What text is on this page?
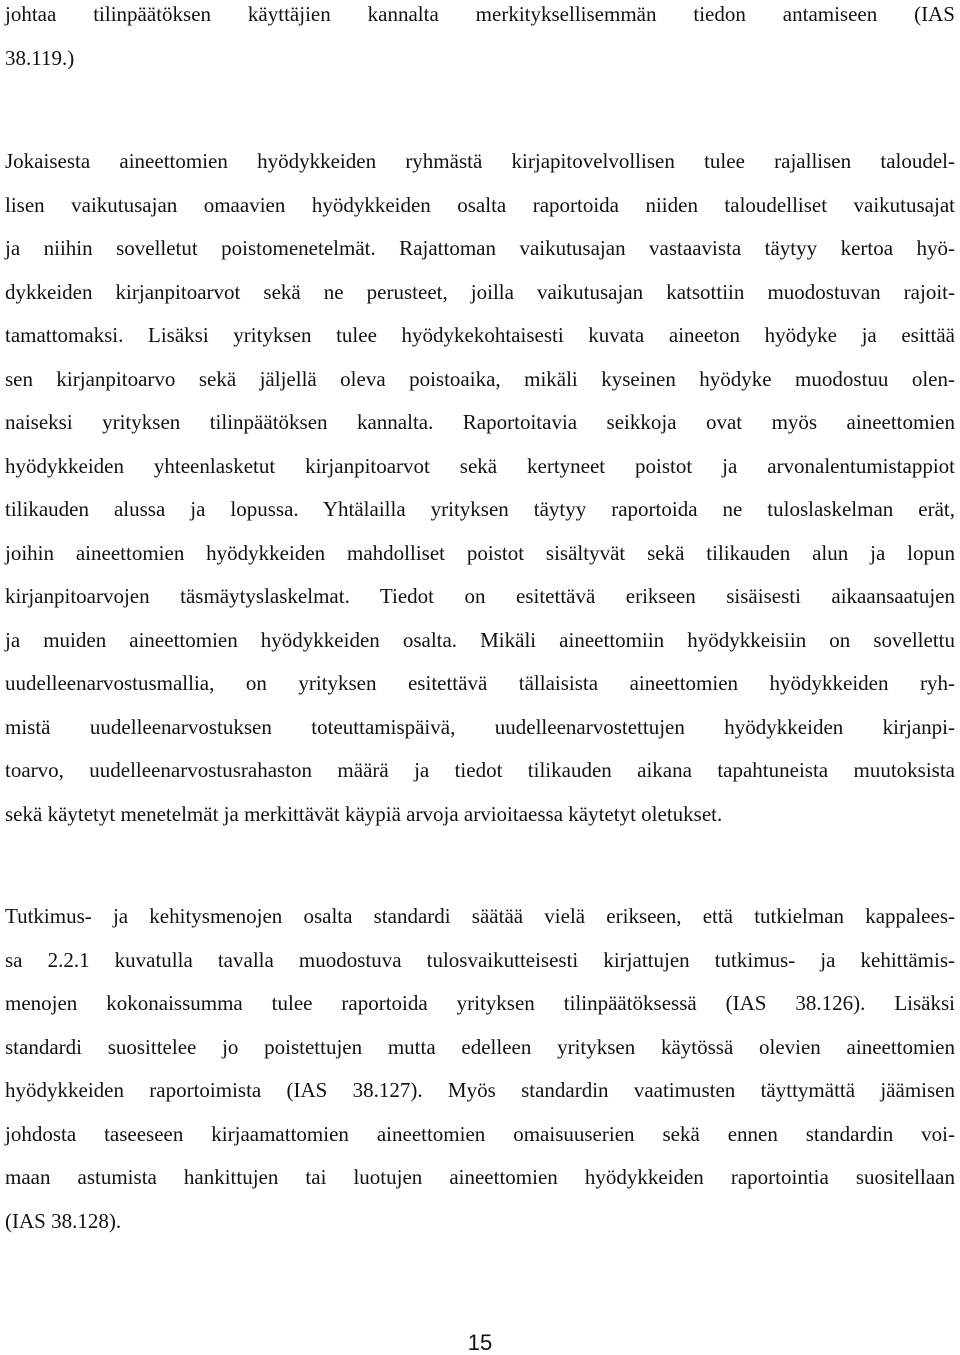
johtaa tilinpäätöksen käyttäjien kannalta merkityksellisemmän tiedon antamiseen (IAS
38.119.)
Jokaisesta aineettomien hyödykkeiden ryhmästä kirjapitovelvollisen tulee rajallisen taloudel-
lisen vaikutusajan omaavien hyödykkeiden osalta raportoida niiden taloudelliset vaikutusajat
ja niihin sovelletut poistomenetelmät. Rajattoman vaikutusajan vastaavista täytyy kertoa hyö-
dykkeiden kirjanpitoarvot sekä ne perusteet, joilla vaikutusajan katsottiin muodostuvan rajoit-
tamattomaksi. Lisäksi yrityksen tulee hyödykekohtaisesti kuvata aineeton hyödyke ja esittää
sen kirjanpitoarvo sekä jäljellä oleva poistoaika, mikäli kyseinen hyödyke muodostuu olen-
naiseksi yrityksen tilinpäätöksen kannalta. Raportoitavia seikkoja ovat myös aineettomien
hyödykkeiden yhteenlasketut kirjanpitoarvot sekä kertyneet poistot ja arvonalentumistappiot
tilikauden alussa ja lopussa. Yhtälailla yrityksen täytyy raportoida ne tuloslaskelman erät,
joihin aineettomien hyödykkeiden mahdolliset poistot sisältyvät sekä tilikauden alun ja lopun
kirjanpitoarvojen täsmäytyslaskelmat. Tiedot on esitettävä erikseen sisäisesti aikaansaatujen
ja muiden aineettomien hyödykkeiden osalta. Mikäli aineettomiin hyödykkeisiin on sovellettu
uudelleenarvostusmallia, on yrityksen esitettävä tällaisista aineettomien hyödykkeiden ryh-
mistä uudelleenarvostuksen toteuttamispäivä, uudelleenarvostettujen hyödykkeiden kirjanpi-
toarvo, uudelleenarvostusrahaston määrä ja tiedot tilikauden aikana tapahtuneista muutoksista
sekä käytetyt menetelmät ja merkittävät käypiä arvoja arvioitaessa käytetyt oletukset.
Tutkimus- ja kehitysmenojen osalta standardi säätää vielä erikseen, että tutkielman kappalees-
sa 2.2.1 kuvatulla tavalla muodostuva tulosvaikutteisesti kirjattujen tutkimus- ja kehittämis-
menojen kokonaissumma tulee raportoida yrityksen tilinpäätöksessä (IAS 38.126). Lisäksi
standardi suosittelee jo poistettujen mutta edelleen yrityksen käytössä olevien aineettomien
hyödykkeiden raportoimista (IAS 38.127). Myös standardin vaatimusten täyttymättä jäämisen
johdosta taseeseen kirjaamattomien aineettomien omaisuuserien sekä ennen standardin voi-
maan astumista hankittujen tai luotujen aineettomien hyödykkeiden raportointia suositellaan
(IAS 38.128).
15
